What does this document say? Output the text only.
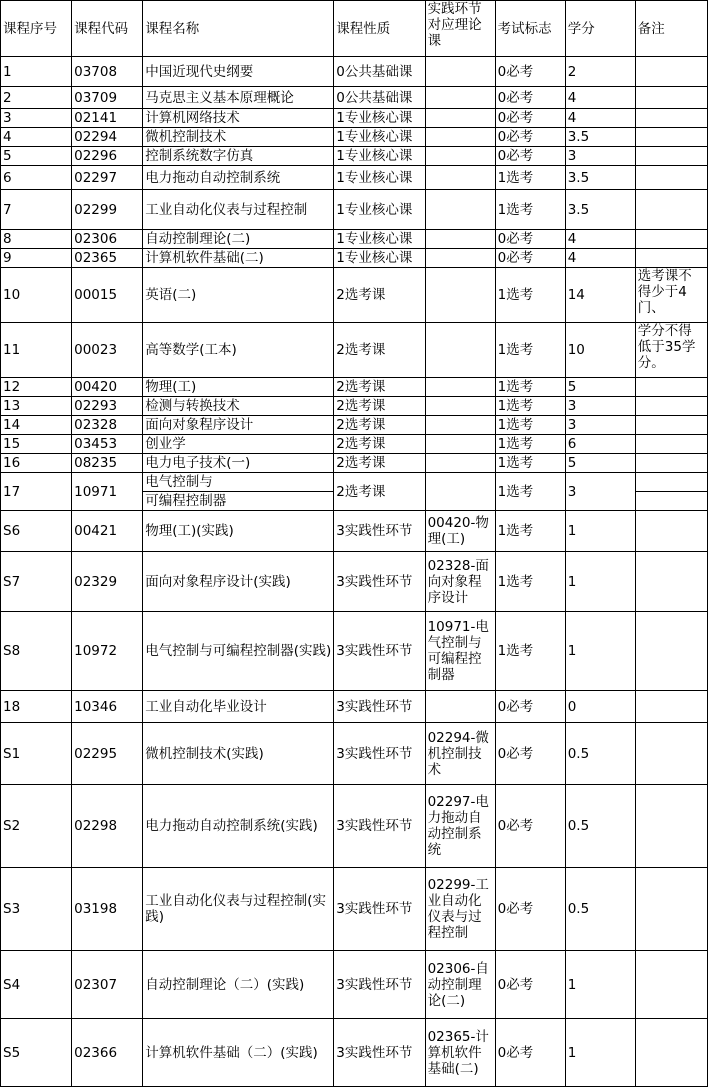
课程序号	课程代码	课程名称	课程性质	实践环节对应理论课	考试标志	学分	备注
1	03708	中国近现代史纲要	0公共基础课		0必考	2	
2	03709	马克思主义基本原理概论	0公共基础课		0必考	4	
3	02141	计算机网络技术	1专业核心课		0必考	4	
4	02294	微机控制技术	1专业核心课		0必考	3.5	
5	02296	控制系统数字仿真	1专业核心课		0必考	3	
6	02297	电力拖动自动控制系统	1专业核心课		1选考	3.5	
7	02299	工业自动化仪表与过程控制	1专业核心课		1选考	3.5	
8	02306	自动控制理论(二)	1专业核心课		0必考	4	
9	02365	计算机软件基础(二)	1专业核心课		0必考	4	
10	00015	英语(二)	2选考课		1选考	14	选考课不得少于4门、
11	00023	高等数学(工本)	2选考课		1选考	10	学分不得低于35学分。
12	00420	物理(工)	2选考课		1选考	5	
13	02293	检测与转换技术	2选考课		1选考	3	
14	02328	面向对象程序设计	2选考课		1选考	3	
15	03453	创业学	2选考课		1选考	6	
16	08235	电力电子技术(一)	2选考课		1选考	5	
17	10971	电气控制与	2选考课		1选考	3	
		可编程控制器					
S6	00421	物理(工)(实践)	3实践性环节	00420-物理(工)	1选考	1	
S7	02329	面向对象程序设计(实践)	3实践性环节	02328-面向对象程序设计	1选考	1	
S8	10972	电气控制与可编程控制器(实践)	3实践性环节	10971-电气控制与可编程控制器	1选考	1	
18	10346	工业自动化毕业设计	3实践性环节		0必考	0	
S1	02295	微机控制技术(实践)	3实践性环节	02294-微机控制技术	0必考	0.5	
S2	02298	电力拖动自动控制系统(实践)	3实践性环节	02297-电力拖动自动控制系统	0必考	0.5	
S3	03198	工业自动化仪表与过程控制(实践)	3实践性环节	02299-工业自动化仪表与过程控制	0必考	0.5	
S4	02307	自动控制理论（二）(实践)	3实践性环节	02306-自动控制理论(二)	0必考	1	
S5	02366	计算机软件基础（二）(实践)	3实践性环节	02365-计算机软件基础(二)	0必考	1	
